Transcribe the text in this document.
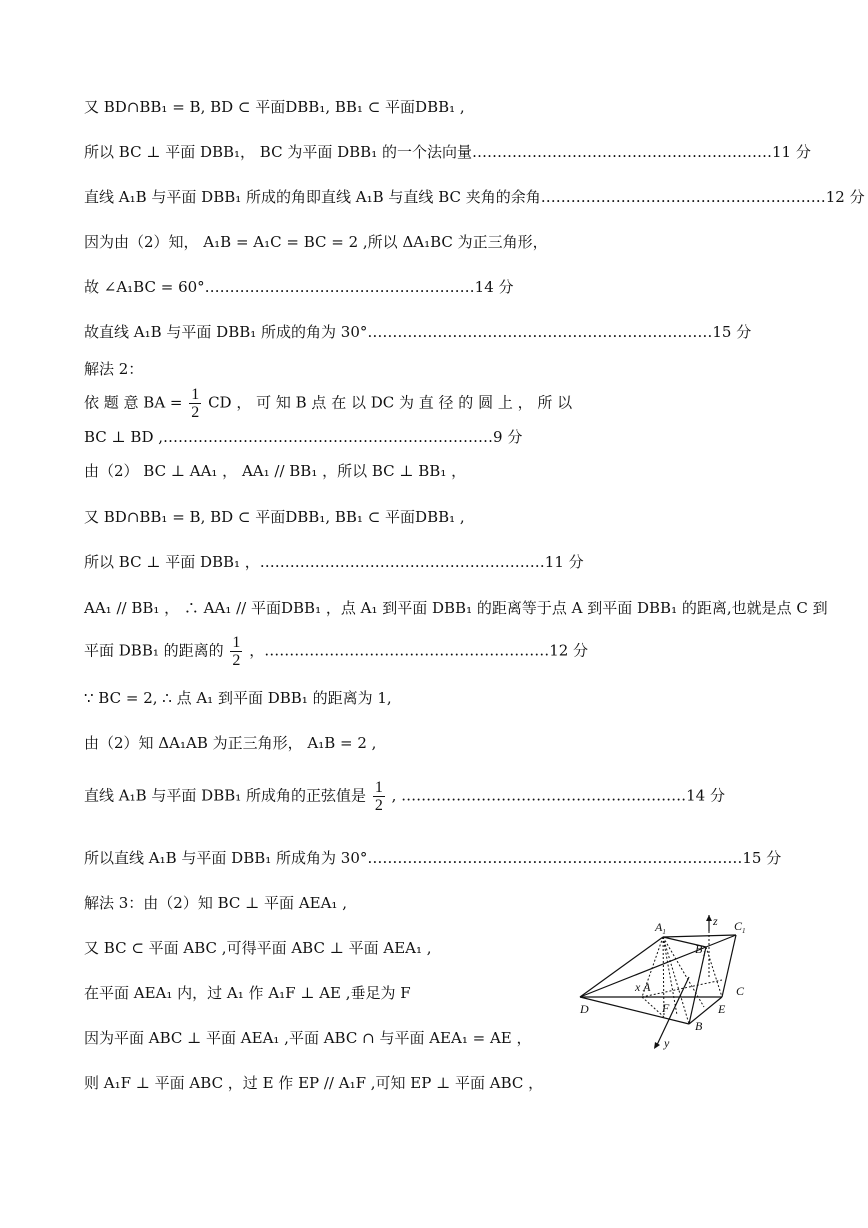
又 BD∩BB₁ = B, BD ⊂ 平面DBB₁, BB₁ ⊂ 平面DBB₁ ,
所以 BC ⊥ 平面 DBB₁， BC 为平面 DBB₁ 的一个法向量……………………………………………………11 分
直线 A₁B 与平面 DBB₁ 所成的角即直线 A₁B 与直线 BC 夹角的余角…………………………………………………12 分
因为由（2）知， A₁B = A₁C = BC = 2 ,所以 ΔA₁BC 为正三角形，
故 ∠A₁BC = 60°………………………………………………14 分
故直线 A₁B 与平面 DBB₁ 所成的角为 30°……………………………………………………………15 分
解法 2：
依 题 意 BA = $\frac{1}{2}$ CD ， 可 知 B 点 在 以 DC 为 直 径 的 圆 上 ， 所 以
BC ⊥ BD ,…………………………………………………………9 分
由（2） BC ⊥ AA₁ ， AA₁ // BB₁ ，所以 BC ⊥ BB₁ ，
又 BD∩BB₁ = B, BD ⊂ 平面DBB₁, BB₁ ⊂ 平面DBB₁ ,
所以 BC ⊥ 平面 DBB₁ ，…………………………………………………11 分
AA₁ // BB₁ ， ∴ AA₁ // 平面DBB₁ ，点 A₁ 到平面 DBB₁ 的距离等于点 A 到平面 DBB₁ 的距离,也就是点 C 到
平面 DBB₁ 的距离的 $\frac{1}{2}$ ，…………………………………………………12 分
∵ BC = 2, ∴ 点 A₁ 到平面 DBB₁ 的距离为 1,
由（2）知 ΔA₁AB 为正三角形， A₁B = 2 ,
直线 A₁B 与平面 DBB₁ 所成角的正弦值是 $\frac{1}{2}$ , …………………………………………………14 分
所以直线 A₁B 与平面 DBB₁ 所成角为 30°…………………………………………………………………15 分
解法 3：由（2）知 BC ⊥ 平面 AEA₁ ,
又 BC ⊂ 平面 ABC ,可得平面 ABC ⊥ 平面 AEA₁ ,
在平面 AEA₁ 内，过 A₁ 作 A₁F ⊥ AE ,垂足为 F
因为平面 ABC ⊥ 平面 AEA₁ ,平面 ABC ∩ 与平面 AEA₁ = AE ，
则 A₁F ⊥ 平面 ABC ，过 E 作 EP // A₁F ,可知 EP ⊥ 平面 ABC ，
$A_1$	$C_1$
$B_1$
z
x A	C
D	F	E
B
y
